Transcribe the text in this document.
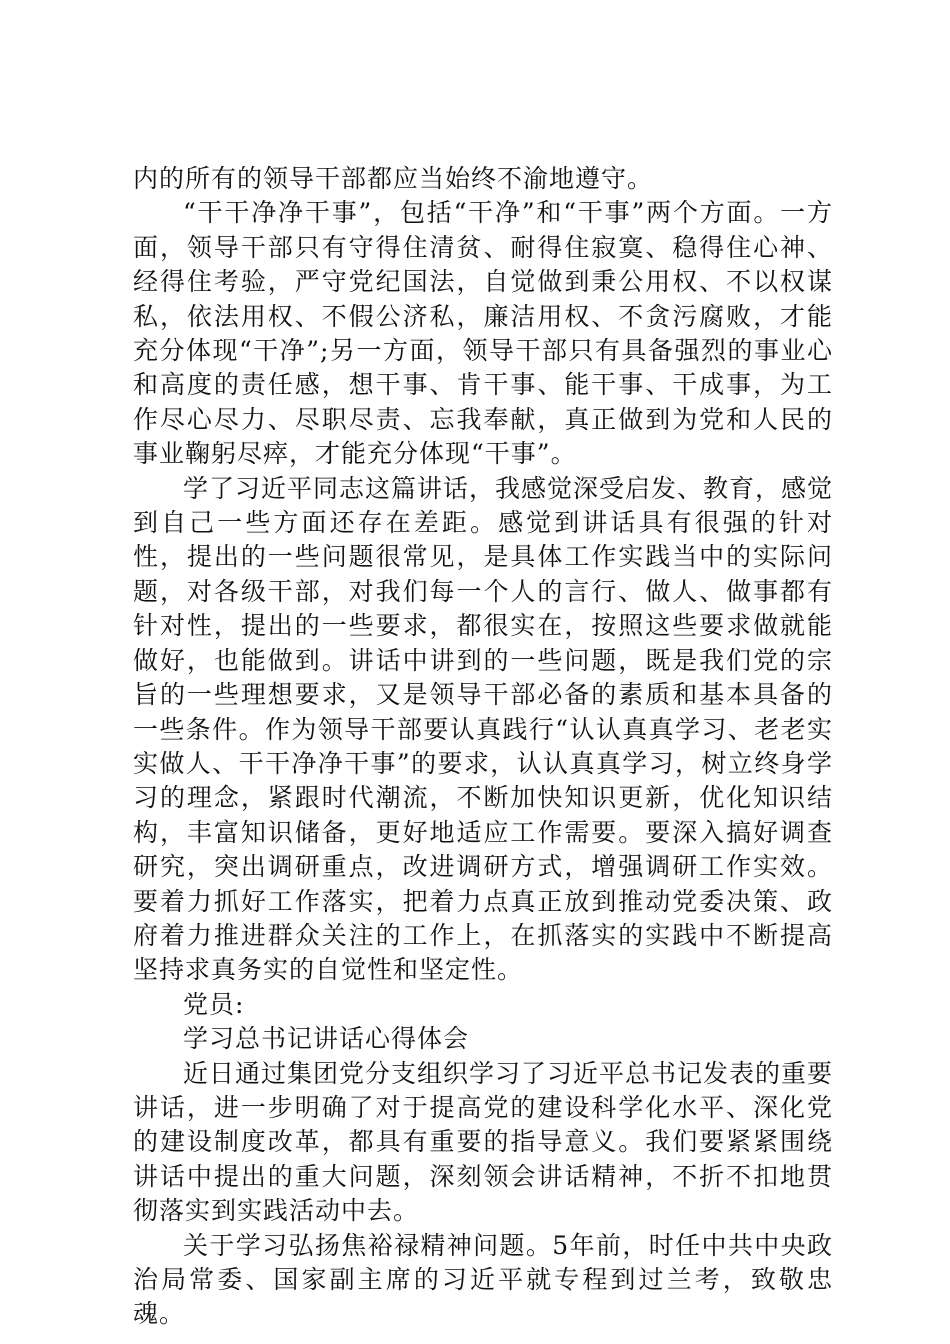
内的所有的领导干部都应当始终不渝地遵守。

“干干净净干事”，包括“干净”和“干事”两个方面。一方面，领导干部只有守得住清贫、耐得住寂寞、稳得住心神、经得住考验，严守党纪国法，自觉做到秉公用权、不以权谋私，依法用权、不假公济私，廉洁用权、不贪污腐败，才能充分体现“干净”;另一方面，领导干部只有具备强烈的事业心和高度的责任感，想干事、肯干事、能干事、干成事，为工作尽心尽力、尽职尽责、忘我奉献，真正做到为党和人民的事业鞠躬尽瘁，才能充分体现“干事”。

学了习近平同志这篇讲话，我感觉深受启发、教育，感觉到自己一些方面还存在差距。感觉到讲话具有很强的针对性，提出的一些问题很常见，是具体工作实践当中的实际问题，对各级干部，对我们每一个人的言行、做人、做事都有针对性，提出的一些要求，都很实在，按照这些要求做就能做好，也能做到。讲话中讲到的一些问题，既是我们党的宗旨的一些理想要求，又是领导干部必备的素质和基本具备的一些条件。作为领导干部要认真践行“认认真真学习、老老实实做人、干干净净干事”的要求，认认真真学习，树立终身学习的理念，紧跟时代潮流，不断加快知识更新，优化知识结构，丰富知识储备，更好地适应工作需要。要深入搞好调查研究，突出调研重点，改进调研方式，增强调研工作实效。要着力抓好工作落实，把着力点真正放到推动党委决策、政府着力推进群众关注的工作上，在抓落实的实践中不断提高坚持求真务实的自觉性和坚定性。

党员:

学习总书记讲话心得体会

近日通过集团党分支组织学习了习近平总书记发表的重要讲话，进一步明确了对于提高党的建设科学化水平、深化党的建设制度改革，都具有重要的指导意义。我们要紧紧围绕讲话中提出的重大问题，深刻领会讲话精神，不折不扣地贯彻落实到实践活动中去。

关于学习弘扬焦裕禄精神问题。5年前，时任中共中央政治局常委、国家副主席的习近平就专程到过兰考，致敬忠魂。
